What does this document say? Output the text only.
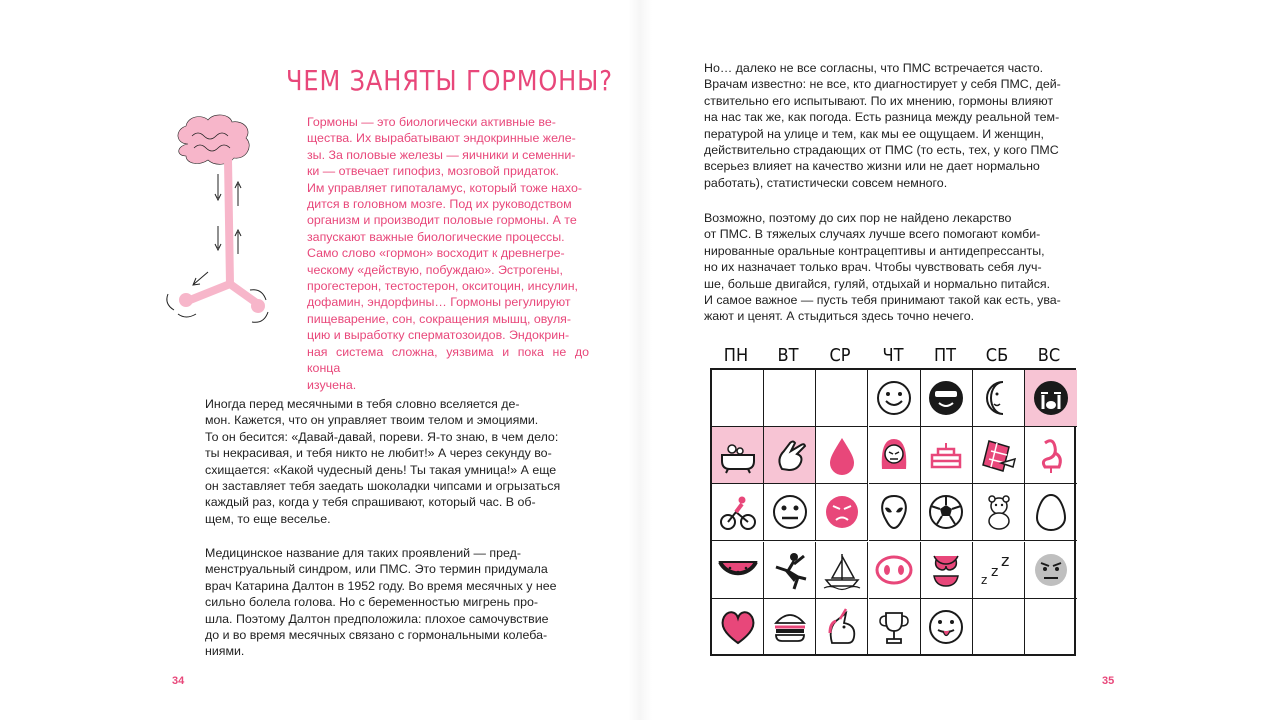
ЧЕМ ЗАНЯТЫ ГОРМОНЫ?

Гормоны — это биологически активные ве-
щества. Их вырабатывают эндокринные желе-
зы. За половые железы — яичники и семенни-
ки — отвечает гипофиз, мозговой придаток.
Им управляет гипоталамус, который тоже нахо-
дится в головном мозге. Под их руководством
организм и производит половые гормоны. А те
запускают важные биологические процессы.
Само слово «гормон» восходит к древнегре-
ческому «действую, побуждаю». Эстрогены,
прогестерон, тестостерон, окситоцин, инсулин,
дофамин, эндорфины… Гормоны регулируют
пищеварение, сон, сокращения мышц, овуля-
цию и выработку сперматозоидов. Эндокрин-
ная система сложна, уязвима и пока не до конца
изучена.

Иногда перед месячными в тебя словно вселяется де-
мон. Кажется, что он управляет твоим телом и эмоциями.
То он бесится: «Давай-давай, пореви. Я-то знаю, в чем дело:
ты некрасивая, и тебя никто не любит!» А через секунду во-
схищается: «Какой чудесный день! Ты такая умница!» А еще
он заставляет тебя заедать шоколадки чипсами и огрызаться
каждый раз, когда у тебя спрашивают, который час. В об-
щем, то еще веселье.

Медицинское название для таких проявлений — пред-
менструальный синдром, или ПМС. Это термин придумала
врач Катарина Далтон в 1952 году. Во время месячных у нее
сильно болела голова. Но с беременностью мигрень про-
шла. Поэтому Далтон предположила: плохое самочувствие
до и во время месячных связано с гормональными колеба-
ниями.

34

Но… далеко не все согласны, что ПМС встречается часто.
Врачам известно: не все, кто диагностирует у себя ПМС, дей-
ствительно его испытывают. По их мнению, гормоны влияют
на нас так же, как погода. Есть разница между реальной тем-
пературой на улице и тем, как мы ее ощущаем. И женщин,
действительно страдающих от ПМС (то есть, тех, у кого ПМС
всерьез влияет на качество жизни или не дает нормально
работать), статистически совсем немного.

Возможно, поэтому до сих пор не найдено лекарство
от ПМС. В тяжелых случаях лучше всего помогают комби-
нированные оральные контрацептивы и антидепрессанты,
но их назначает только врач. Чтобы чувствовать себя луч-
ше, больше двигайся, гуляй, отдыхай и нормально питайся.
И самое важное — пусть тебя принимают такой как есть, ува-
жают и ценят. А стыдиться здесь точно нечего.

35
ПН	ВТ	СР	ЧТ	ПТ	СБ	ВС
z z
z
